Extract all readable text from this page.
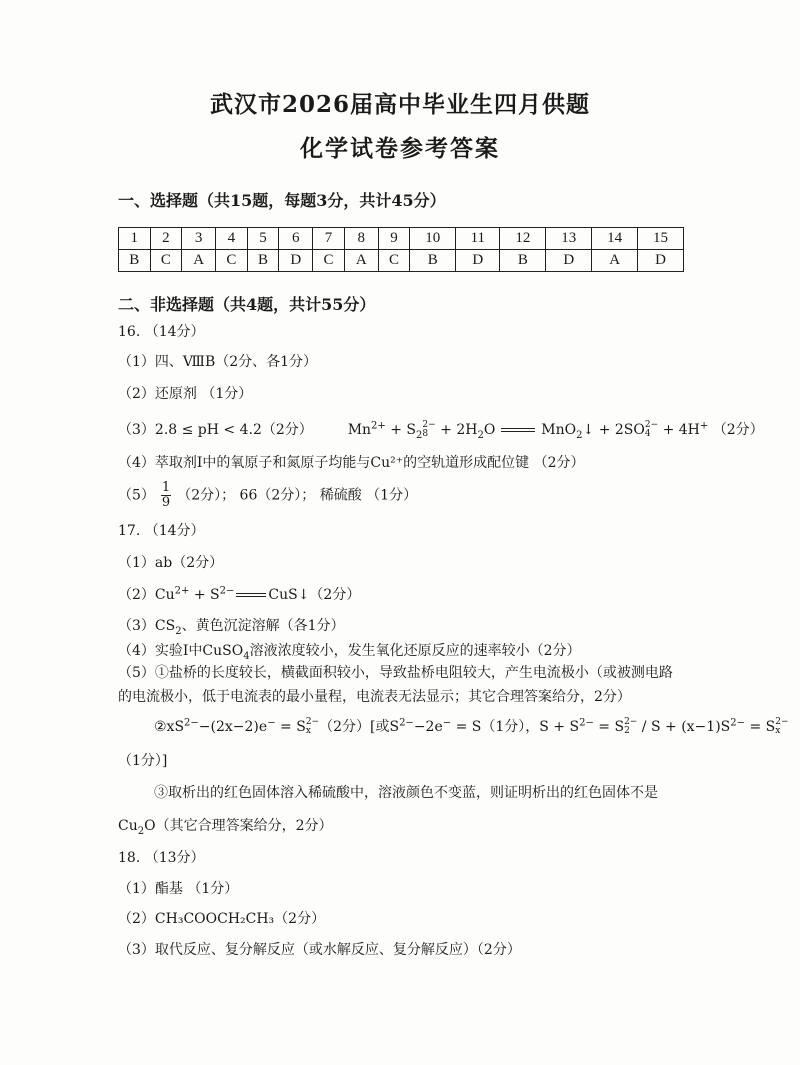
武汉市2026届高中毕业生四月供题
化学试卷参考答案
一、选择题（共15题，每题3分，共计45分）
1	2	3	4	5	6	7	8	9	10	11	12	13	14	15
B	C	A	C	B	D	C	A	C	B	D	B	D	A	D
二、非选择题（共4题，共计55分）
16. （14分）
（1）四、ⅧB（2分、各1分）
（2）还原剂 （1分）
（3）2.8 ≤ pH < 4.2（2分） $Mn^{2+} + S_2$
2−
$8 + 2H_2O$	MnO$_2$↓ + 2SO 2−
4 + 4H+ （2分）
（4）萃取剂Ⅰ中的氧原子和氮原子均能与Cu²⁺的空轨道形成配位键 （2分）
$(5) \frac{1}{9} (2$分）； 66（2分）； 稀硫酸 （1分）
17. （14分）
（1）ab（2分）
$(2)Cu^{2+} + S^{2-}$ CuS↓（2分）
$(3)CS_2$、黄色沉淀溶解（各1分）
（4）实验Ⅰ中CuSO$_4$溶液浓度较小，发生氧化还原反应的速率较小（2分）
（5）①盐桥的长度较长，横截面积较小，导致盐桥电阻较大，产生电流极小（或被测电路
的电流极小，低于电流表的最小量程，电流表无法显示；其它合理答案给分，2分）
$②xS^{2-}-(2x-2)e^- = S$ 2−
x （2分）[或$S^{2-}-2e^- = S(1$分），$S + S^{2-} = S$ 2−
$2 / S + (x-1)S^{2-} = S$ 2−
x
（1分）]
③取析出的红色固体溶入稀硫酸中，溶液颜色不变蓝，则证明析出的红色固体不是
$Cu_2O$（其它合理答案给分，2分）
18. （13分）
（1）酯基 （1分）
（2）CH₃COOCH₂CH₃（2分）
（3）取代反应、复分解反应（或水解反应、复分解反应）（2分）
